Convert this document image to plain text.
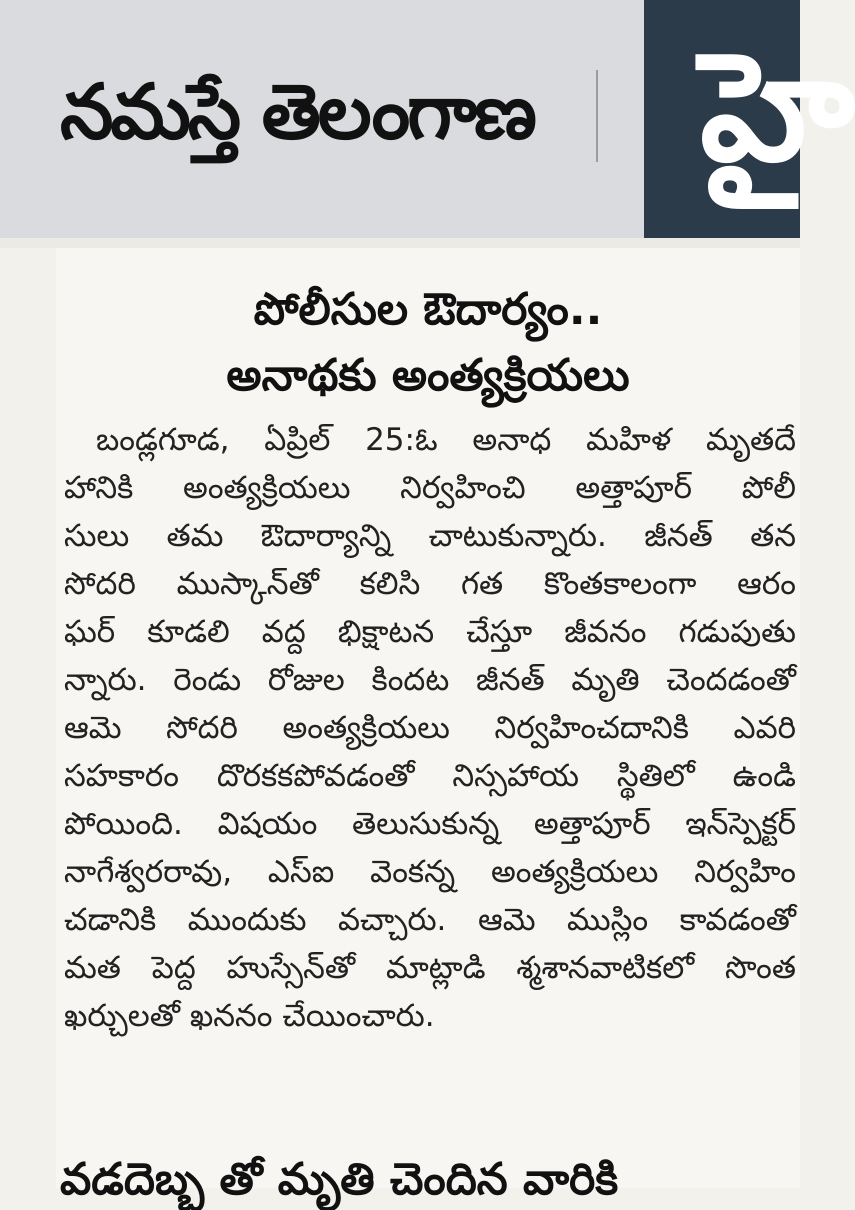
నమస్తే తెలంగాణ	హై
పోలీసుల ఔదార్యం..
అనాథకు అంత్యక్రియలు
బండ్లగూడ, ఏప్రిల్ 25:ఓ అనాధ మహిళ మృతదే
హానికి అంత్యక్రియలు నిర్వహించి అత్తాపూర్ పోలీ
సులు తమ ఔదార్యాన్ని చాటుకున్నారు. జీనత్ తన
సోదరి ముస్కాన్‌తో కలిసి గత కొంతకాలంగా ఆరం
ఘర్ కూడలి వద్ద భిక్షాటన చేస్తూ జీవనం గడుపుతు
న్నారు. రెండు రోజుల కిందట జీనత్ మృతి చెందడంతో
ఆమె సోదరి అంత్యక్రియలు నిర్వహించదానికి ఎవరి
సహకారం దొరకకపోవడంతో నిస్సహాయ స్థితిలో ఉండి
పోయింది. విషయం తెలుసుకున్న అత్తాపూర్ ఇన్‌స్పెక్టర్
నాగేశ్వరరావు, ఎస్ఐ వెంకన్న అంత్యక్రియలు నిర్వహిం
చడానికి ముందుకు వచ్చారు. ఆమె ముస్లిం కావడంతో
మత పెద్ద హుస్సేన్‌తో మాట్లాడి శ్మశానవాటికలో సొంత
ఖర్చులతో ఖననం చేయించారు.
వడదెబ్బ తో మృతి చెందిన వారికి
